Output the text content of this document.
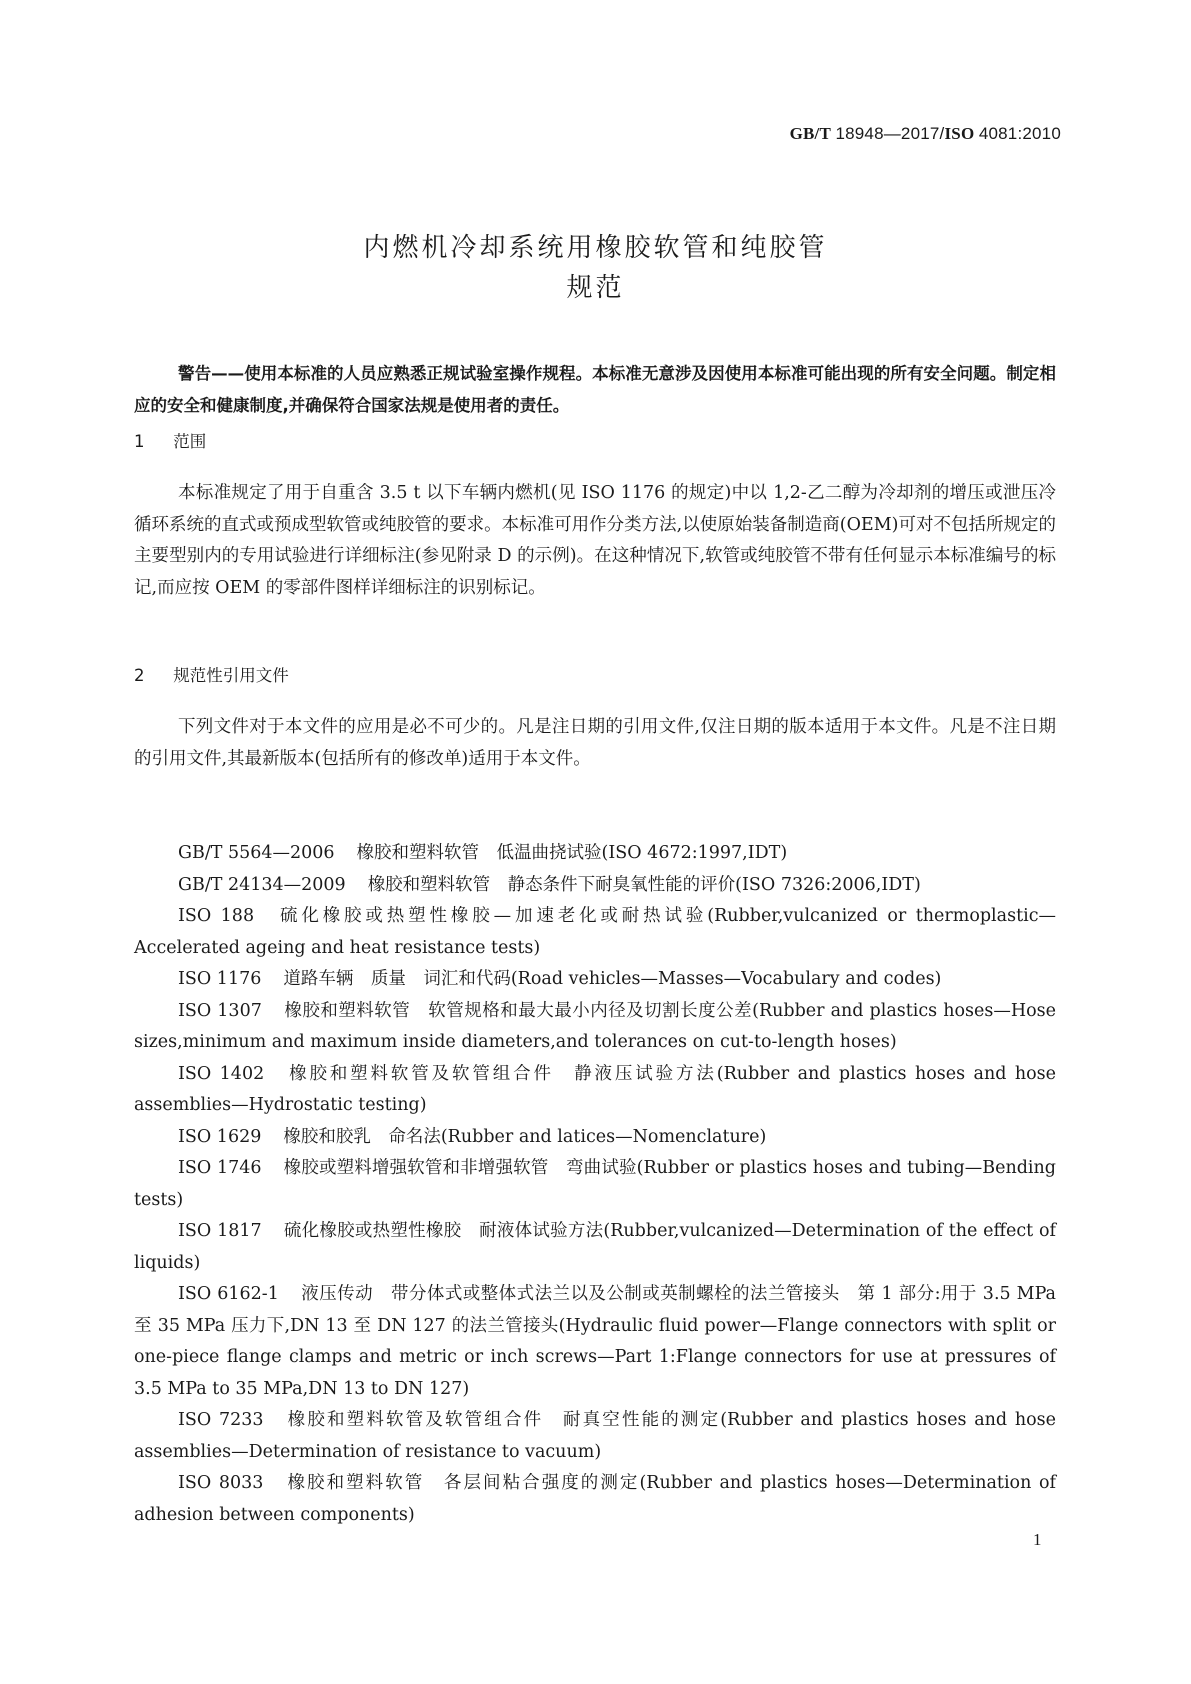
GB/T 18948—2017/ISO 4081:2010
内燃机冷却系统用橡胶软管和纯胶管
规范
警告——使用本标准的人员应熟悉正规试验室操作规程。本标准无意涉及因使用本标准可能出现的所有安全问题。制定相应的安全和健康制度,并确保符合国家法规是使用者的责任。
1 范围
本标准规定了用于自重含 3.5 t 以下车辆内燃机(见 ISO 1176 的规定)中以 1,2-乙二醇为冷却剂的增压或泄压冷循环系统的直式或预成型软管或纯胶管的要求。本标准可用作分类方法,以使原始装备制造商(OEM)可对不包括所规定的主要型别内的专用试验进行详细标注(参见附录 D 的示例)。在这种情况下,软管或纯胶管不带有任何显示本标准编号的标记,而应按 OEM 的零部件图样详细标注的识别标记。
2 规范性引用文件
下列文件对于本文件的应用是必不可少的。凡是注日期的引用文件,仅注日期的版本适用于本文件。凡是不注日期的引用文件,其最新版本(包括所有的修改单)适用于本文件。
GB/T 5564—2006 橡胶和塑料软管　低温曲挠试验(ISO 4672:1997,IDT)
GB/T 24134—2009 橡胶和塑料软管　静态条件下耐臭氧性能的评价(ISO 7326:2006,IDT)
ISO 188 硫化橡胶或热塑性橡胶—加速老化或耐热试验(Rubber,vulcanized or thermoplastic—Accelerated ageing and heat resistance tests)
ISO 1176 道路车辆　质量　词汇和代码(Road vehicles—Masses—Vocabulary and codes)
ISO 1307 橡胶和塑料软管　软管规格和最大最小内径及切割长度公差(Rubber and plastics hoses—Hose sizes,minimum and maximum inside diameters,and tolerances on cut-to-length hoses)
ISO 1402 橡胶和塑料软管及软管组合件　静液压试验方法(Rubber and plastics hoses and hose assemblies—Hydrostatic testing)
ISO 1629 橡胶和胶乳　命名法(Rubber and latices—Nomenclature)
ISO 1746 橡胶或塑料增强软管和非增强软管　弯曲试验(Rubber or plastics hoses and tubing—Bending tests)
ISO 1817 硫化橡胶或热塑性橡胶　耐液体试验方法(Rubber,vulcanized—Determination of the effect of liquids)
ISO 6162-1 液压传动　带分体式或整体式法兰以及公制或英制螺栓的法兰管接头　第 1 部分:用于 3.5 MPa 至 35 MPa 压力下,DN 13 至 DN 127 的法兰管接头(Hydraulic fluid power—Flange connectors with split or one-piece flange clamps and metric or inch screws—Part 1:Flange connectors for use at pressures of 3.5 MPa to 35 MPa,DN 13 to DN 127)
ISO 7233 橡胶和塑料软管及软管组合件　耐真空性能的测定(Rubber and plastics hoses and hose assemblies—Determination of resistance to vacuum)
ISO 8033 橡胶和塑料软管　各层间粘合强度的测定(Rubber and plastics hoses—Determination of adhesion between components)
1
